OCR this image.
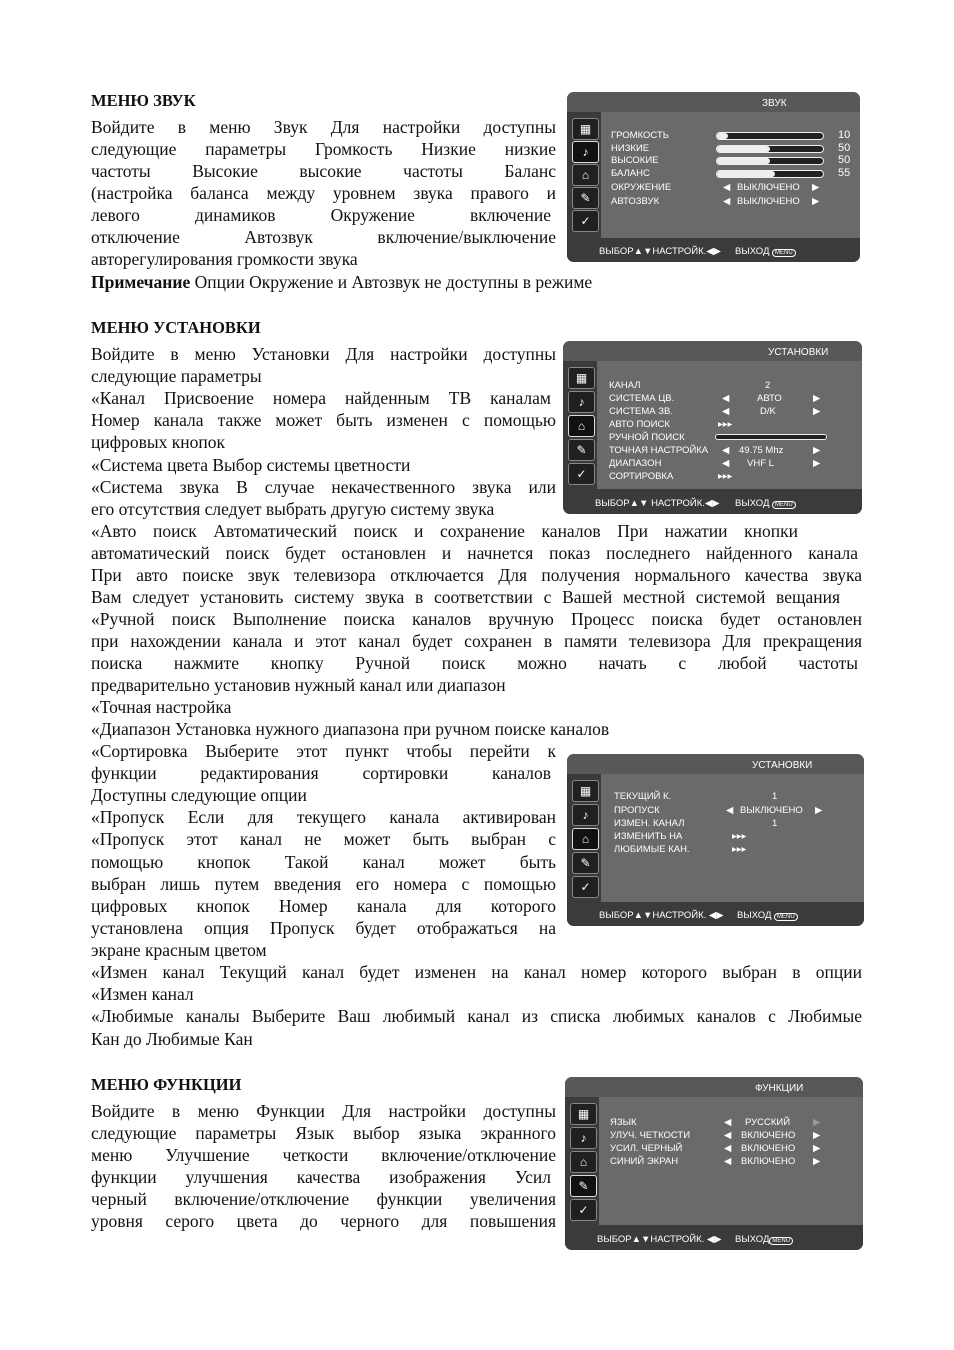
МЕНЮ ЗВУК
Войдите в меню Звук Для настройки доступны
следующие параметры Громкость Низкие низкие
частоты Высокие высокие частоты Баланс
(настройка баланса между уровнем звука правого и
левого динамиков Окружение включение
отключение Автозвук включение/выключение
авторегулирования громкости звука
Примечание Опции Окружение и Автозвук не доступны в режиме
ЗВУК
▦
♪
⌂
✎
✓
ГРОМКОСТЬ	10
НИЗКИЕ	50
ВЫСОКИЕ	50
БАЛАНС	55
ОКРУЖЕНИЕ	◀ ВЫКЛЮЧЕНО ▶
АВТОЗВУК	◀ ВЫКЛЮЧЕНО ▶
ВЫБОР▲▼НАСТРОЙК.◀▶ ВЫХОД MENU
МЕНЮ УСТАНОВКИ
Войдите в меню Установки Для настройки доступны
следующие параметры
«Канал Присвоение номера найденным ТВ каналам
Номер канала также может быть изменен с помощью
цифровых кнопок
«Система цвета Выбор системы цветности
«Система звука В случае некачественного звука или
его отсутствия следует выбрать другую систему звука
«Авто поиск Автоматический поиск и сохранение каналов При нажатии кнопки
автоматический поиск будет остановлен и начнется показ последнего найденного канала
При авто поиске звук телевизора отключается Для получения нормального качества звука
Вам следует установить систему звука в соответствии с Вашей местной системой вещания
«Ручной поиск Выполнение поиска каналов вручную Процесс поиска будет остановлен
при нахождении канала и этот канал будет сохранен в памяти телевизора Для прекращения
поиска нажмите кнопку Ручной поиск можно начать с любой частоты
предварительно установив нужный канал или диапазон
«Точная настройка
«Диапазон Установка нужного диапазона при ручном поиске каналов
«Сортировка Выберите этот пункт чтобы перейти к
функции редактирования сортировки каналов
Доступны следующие опции
«Пропуск Если для текущего канала активирован
«Пропуск этот канал не может быть выбран с
помощью кнопок Такой канал может быть
выбран лишь путем введения его номера с помощью
цифровых кнопок Номер канала для которого
установлена опция Пропуск будет отображаться на
экране красным цветом
«Измен канал Текущий канал будет изменен на канал номер которого выбран в опции
«Измен канал
«Любимые каналы Выберите Ваш любимый канал из списка любимых каналов с Любимые
Кан до Любимые Кан
УСТАНОВКИ
▦
♪
⌂
✎
✓
КАНАЛ	2
СИСТЕМА ЦВ.	◀	АВТО	▶
СИСТЕМА ЗВ.	◀	D/K	▶
АВТО ПОИСК	▸▸▸
РУЧНОЙ ПОИСК
ТОЧНАЯ НАСТРОЙКА ◀ 49.75 Mhz	▶
ДИАПАЗОН	◀ VHF L	▶
СОРТИРОВКА	▸▸▸
ВЫБОР▲▼ НАСТРОЙК.◀▶ ВЫХОД MENU
УСТАНОВКИ
▦
♪
⌂
✎
✓
ТЕКУЩИЙ К.	1
ПРОПУСК	◀ ВЫКЛЮЧЕНО ▶
ИЗМЕН. КАНАЛ	1
ИЗМЕНИТЬ НА	▸▸▸
ЛЮБИМЫЕ КАН.	▸▸▸
ВЫБОР▲▼НАСТРОЙК. ◀▶ ВЫХОД MENU
МЕНЮ ФУНКЦИИ
Войдите в меню Функции Для настройки доступны
следующие параметры Язык выбор языка экранного
меню Улучшение четкости включение/отключение
функции улучшения качества изображения Усил
черный включение/отключение функции увеличения
уровня серого цвета до черного для повышения
ФУНКЦИИ
▦
♪
⌂
✎
✓
ЯЗЫК	◀ РУССКИЙ ▶
УЛУЧ. ЧЕТКОСТИ	◀ ВКЛЮЧЕНО ▶
УСИЛ. ЧЕРНЫЙ	◀ ВКЛЮЧЕНО ▶
СИНИЙ ЭКРАН	◀ ВКЛЮЧЕНО ▶
ВЫБОР▲▼НАСТРОЙК. ◀▶ ВЫХОД MENU
